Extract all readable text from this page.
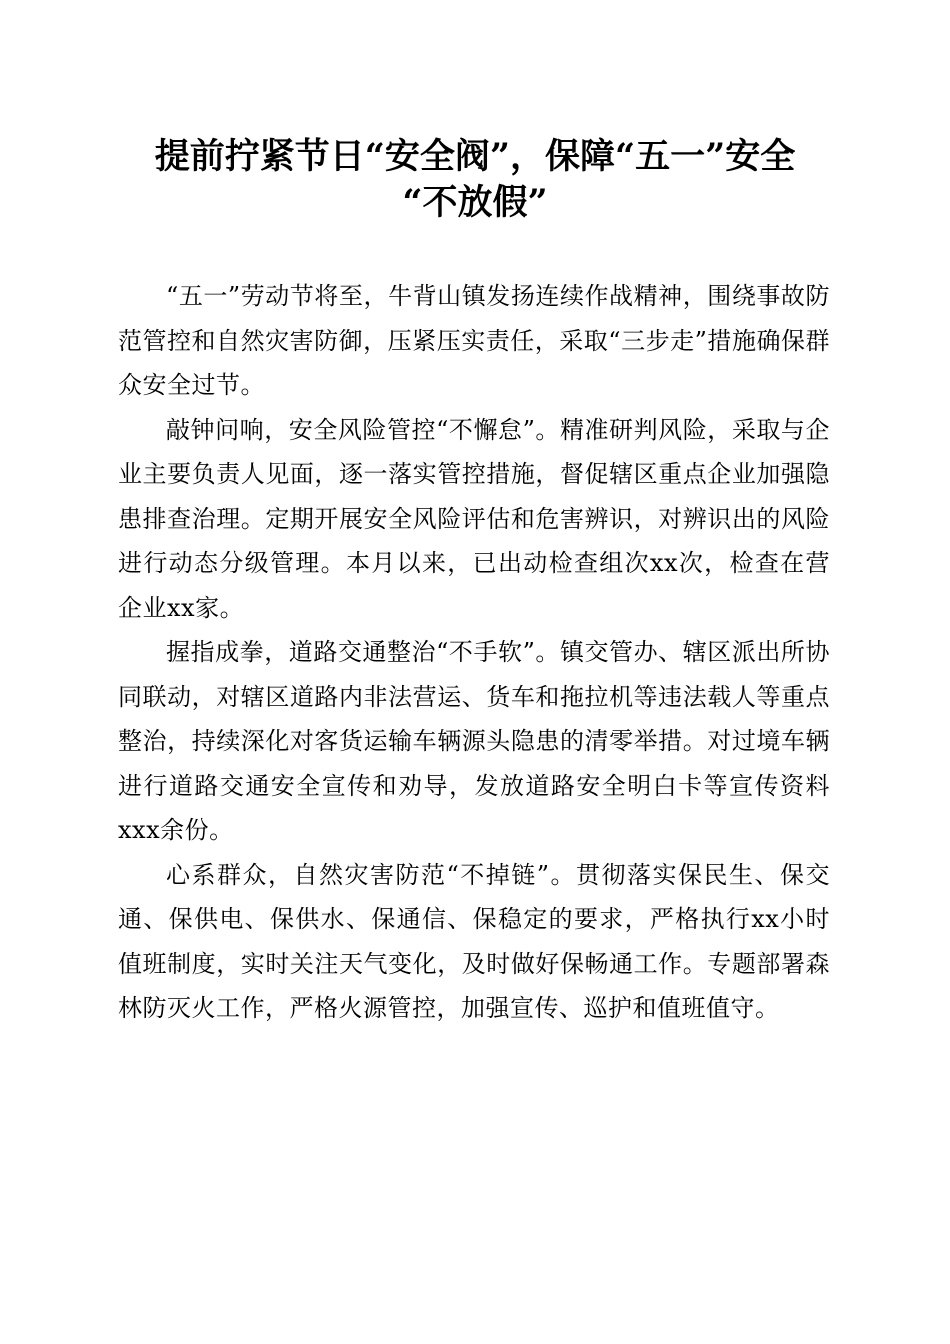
提前拧紧节日“安全阀”，保障“五一”安全
“不放假”

“五一”劳动节将至，牛背山镇发扬连续作战精神，围绕事故防范管控和自然灾害防御，压紧压实责任，采取“三步走”措施确保群众安全过节。

敲钟问响，安全风险管控“不懈怠”。精准研判风险，采取与企业主要负责人见面，逐一落实管控措施，督促辖区重点企业加强隐患排查治理。定期开展安全风险评估和危害辨识，对辨识出的风险进行动态分级管理。本月以来，已出动检查组次xx次，检查在营企业xx家。

握指成拳，道路交通整治“不手软”。镇交管办、辖区派出所协同联动，对辖区道路内非法营运、货车和拖拉机等违法载人等重点整治，持续深化对客货运输车辆源头隐患的清零举措。对过境车辆进行道路交通安全宣传和劝导，发放道路安全明白卡等宣传资料xxx余份。

心系群众，自然灾害防范“不掉链”。贯彻落实保民生、保交通、保供电、保供水、保通信、保稳定的要求，严格执行xx小时值班制度，实时关注天气变化，及时做好保畅通工作。专题部署森林防灭火工作，严格火源管控，加强宣传、巡护和值班值守。
